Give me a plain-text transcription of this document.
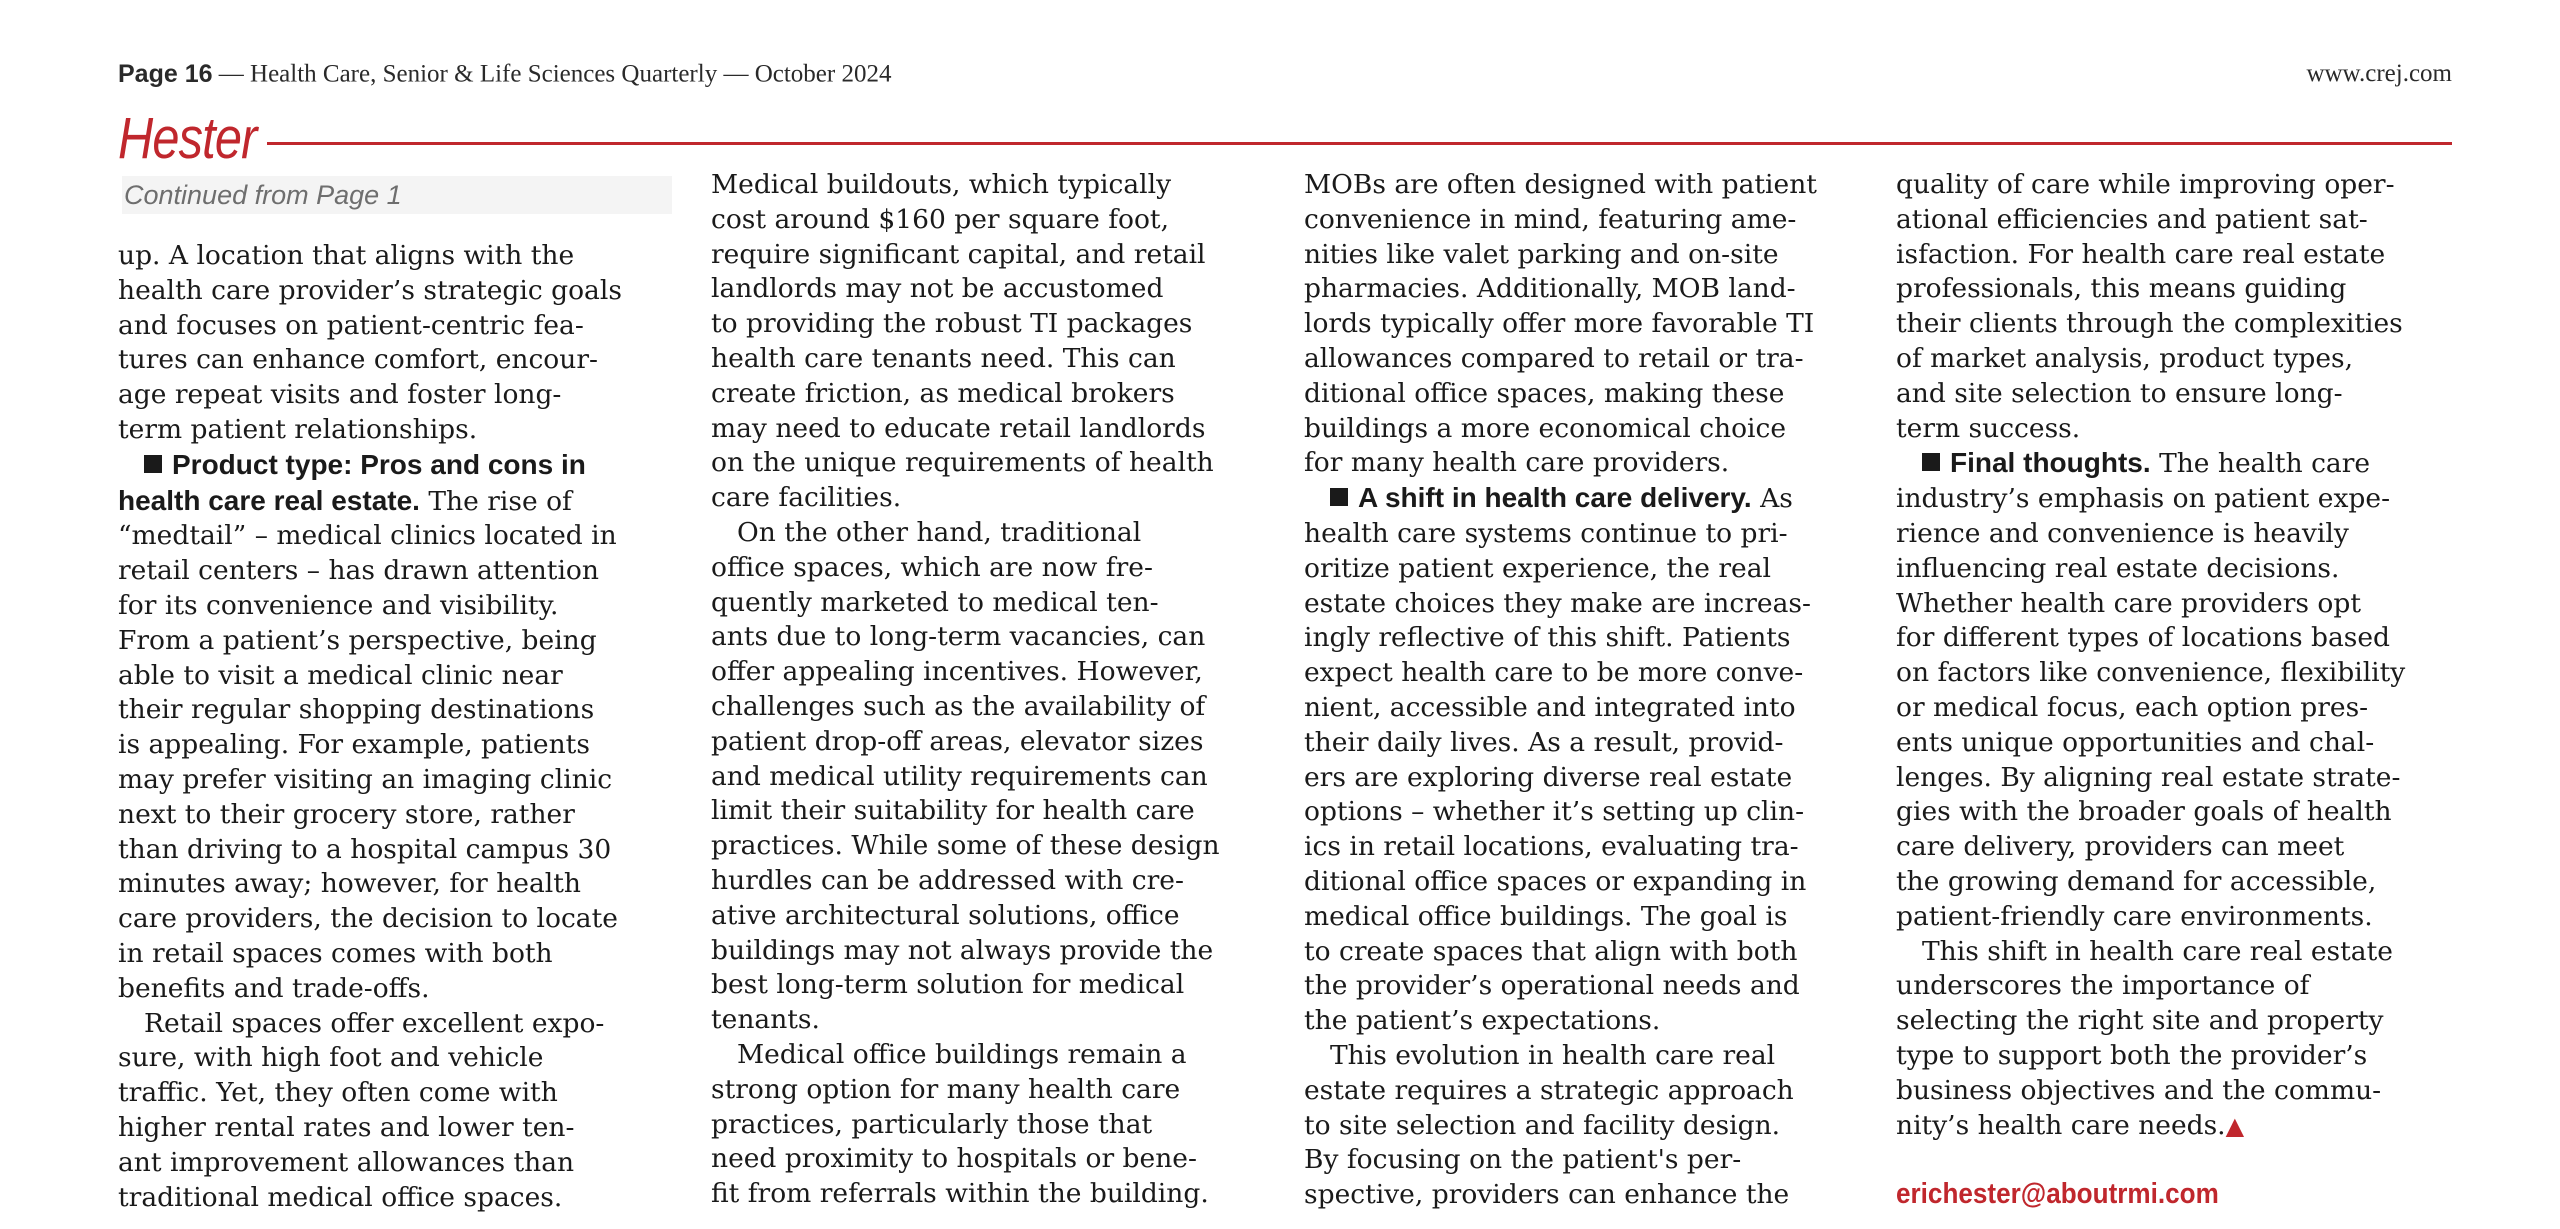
Page 16 — Health Care, Senior & Life Sciences Quarterly — October 2024	www.crej.com
Hester
Continued from Page 1
up. A location that aligns with the
health care provider’s strategic goals
and focuses on patient-centric fea-
tures can enhance comfort, encour-
age repeat visits and foster long-
term patient relationships.
Product type: Pros and cons in
health care real estate. The rise of
“medtail” – medical clinics located in
retail centers – has drawn attention
for its convenience and visibility.
From a patient’s perspective, being
able to visit a medical clinic near
their regular shopping destinations
is appealing. For example, patients
may prefer visiting an imaging clinic
next to their grocery store, rather
than driving to a hospital campus 30
minutes away; however, for health
care providers, the decision to locate
in retail spaces comes with both
benefits and trade-offs.
Retail spaces offer excellent expo-
sure, with high foot and vehicle
traffic. Yet, they often come with
higher rental rates and lower ten-
ant improvement allowances than
traditional medical office spaces.
Medical buildouts, which typically
cost around $160 per square foot,
require significant capital, and retail
landlords may not be accustomed
to providing the robust TI packages
health care tenants need. This can
create friction, as medical brokers
may need to educate retail landlords
on the unique requirements of health
care facilities.
On the other hand, traditional
office spaces, which are now fre-
quently marketed to medical ten-
ants due to long-term vacancies, can
offer appealing incentives. However,
challenges such as the availability of
patient drop-off areas, elevator sizes
and medical utility requirements can
limit their suitability for health care
practices. While some of these design
hurdles can be addressed with cre-
ative architectural solutions, office
buildings may not always provide the
best long-term solution for medical
tenants.
Medical office buildings remain a
strong option for many health care
practices, particularly those that
need proximity to hospitals or bene-
fit from referrals within the building.
MOBs are often designed with patient
convenience in mind, featuring ame-
nities like valet parking and on-site
pharmacies. Additionally, MOB land-
lords typically offer more favorable TI
allowances compared to retail or tra-
ditional office spaces, making these
buildings a more economical choice
for many health care providers.
A shift in health care delivery. As
health care systems continue to pri-
oritize patient experience, the real
estate choices they make are increas-
ingly reflective of this shift. Patients
expect health care to be more conve-
nient, accessible and integrated into
their daily lives. As a result, provid-
ers are exploring diverse real estate
options – whether it’s setting up clin-
ics in retail locations, evaluating tra-
ditional office spaces or expanding in
medical office buildings. The goal is
to create spaces that align with both
the provider’s operational needs and
the patient’s expectations.
This evolution in health care real
estate requires a strategic approach
to site selection and facility design.
By focusing on the patient's per-
spective, providers can enhance the
quality of care while improving oper-
ational efficiencies and patient sat-
isfaction. For health care real estate
professionals, this means guiding
their clients through the complexities
of market analysis, product types,
and site selection to ensure long-
term success.
Final thoughts. The health care
industry’s emphasis on patient expe-
rience and convenience is heavily
influencing real estate decisions.
Whether health care providers opt
for different types of locations based
on factors like convenience, flexibility
or medical focus, each option pres-
ents unique opportunities and chal-
lenges. By aligning real estate strate-
gies with the broader goals of health
care delivery, providers can meet
the growing demand for accessible,
patient-friendly care environments.
This shift in health care real estate
underscores the importance of
selecting the right site and property
type to support both the provider’s
business objectives and the commu-
nity’s health care needs.▲
erichester@aboutrmi.com
